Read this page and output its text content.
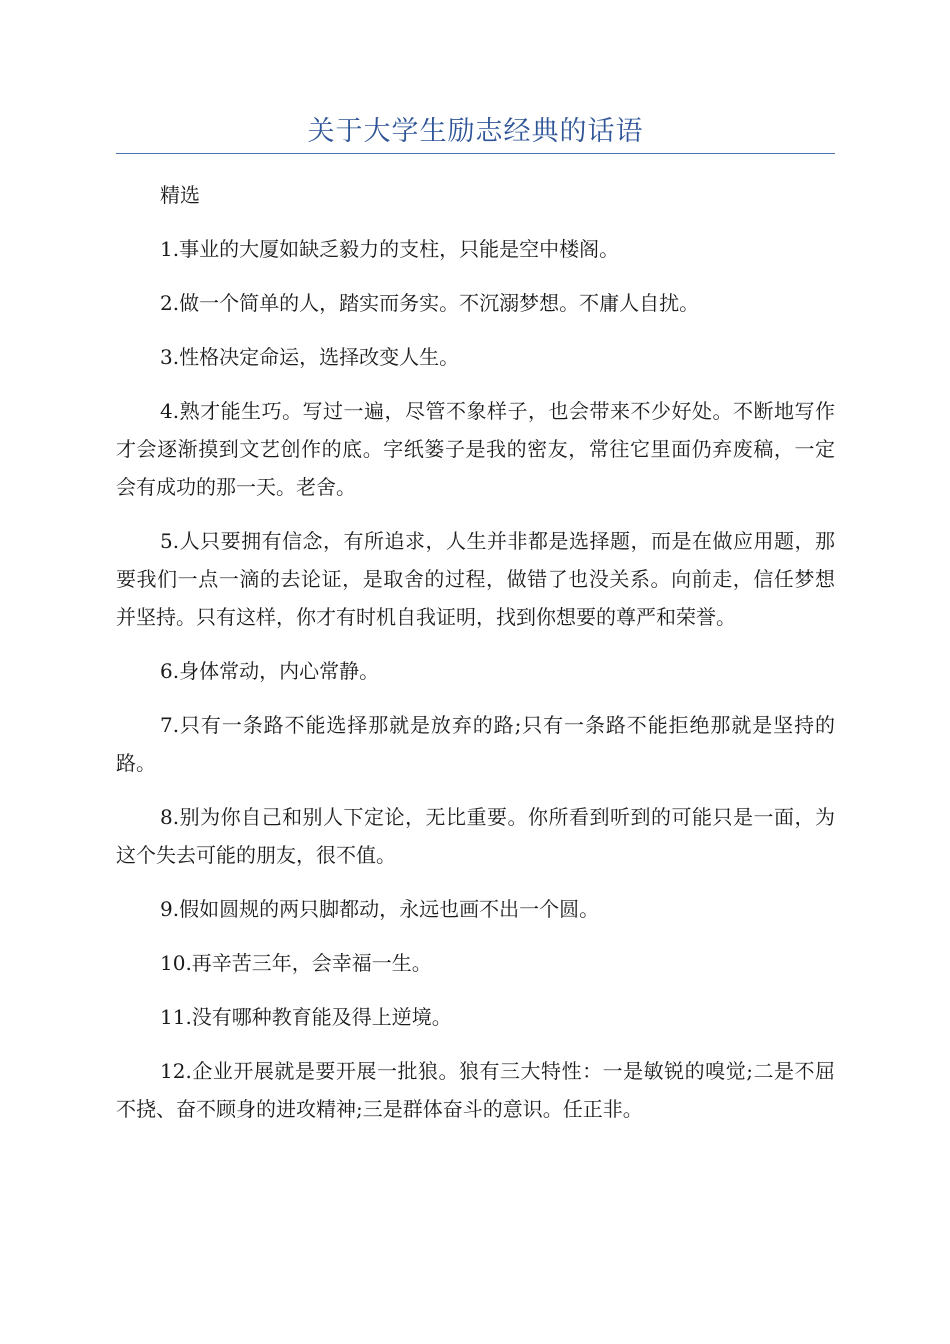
关于大学生励志经典的话语

精选

1.事业的大厦如缺乏毅力的支柱，只能是空中楼阁。

2.做一个简单的人，踏实而务实。不沉溺梦想。不庸人自扰。

3.性格决定命运，选择改变人生。

4.熟才能生巧。写过一遍，尽管不象样子，也会带来不少好处。不断地写作才会逐渐摸到文艺创作的底。字纸篓子是我的密友，常往它里面仍弃废稿，一定会有成功的那一天。老舍。

5.人只要拥有信念，有所追求，人生并非都是选择题，而是在做应用题，那要我们一点一滴的去论证，是取舍的过程，做错了也没关系。向前走，信任梦想并坚持。只有这样，你才有时机自我证明，找到你想要的尊严和荣誉。

6.身体常动，内心常静。

7.只有一条路不能选择那就是放弃的路;只有一条路不能拒绝那就是坚持的路。

8.别为你自己和别人下定论，无比重要。你所看到听到的可能只是一面，为这个失去可能的朋友，很不值。

9.假如圆规的两只脚都动，永远也画不出一个圆。

10.再辛苦三年，会幸福一生。

11.没有哪种教育能及得上逆境。

12.企业开展就是要开展一批狼。狼有三大特性：一是敏锐的嗅觉;二是不屈不挠、奋不顾身的进攻精神;三是群体奋斗的意识。任正非。
